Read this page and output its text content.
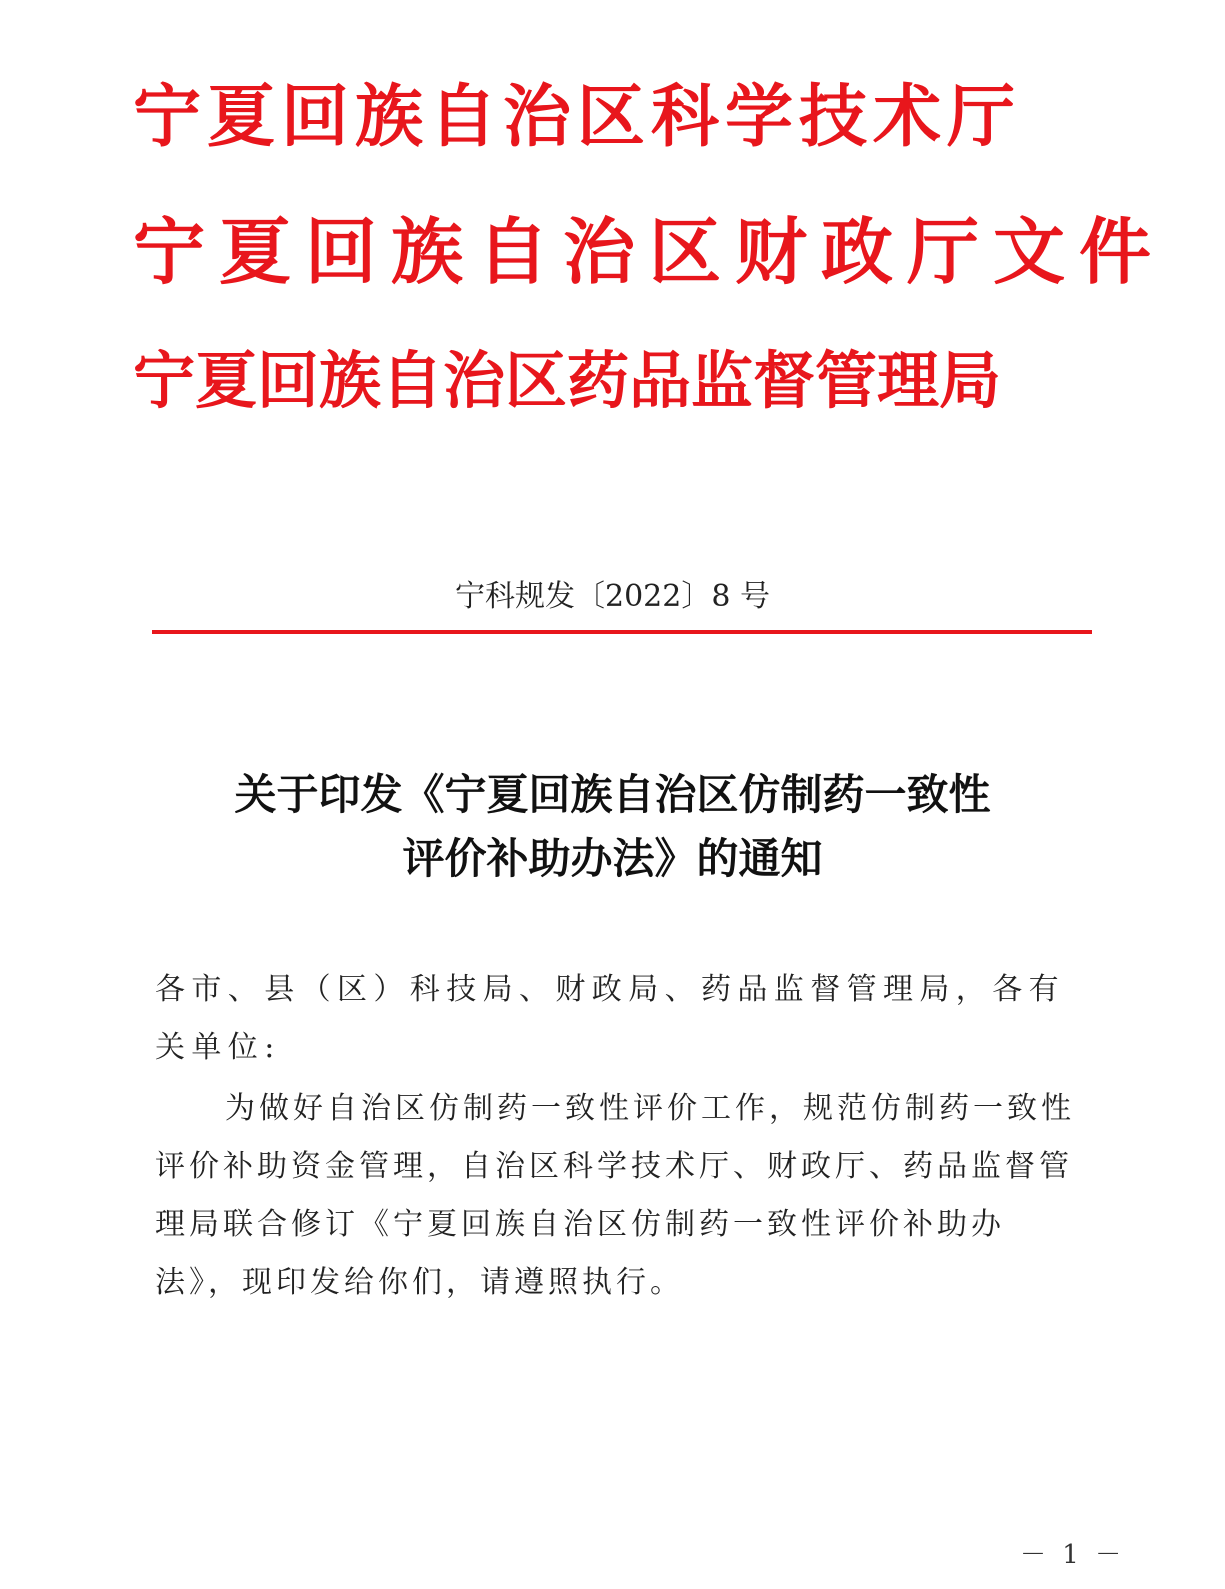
宁夏回族自治区科学技术厅
宁夏回族自治区财政厅文件
宁夏回族自治区药品监督管理局
宁科规发〔2022〕8 号
关于印发《宁夏回族自治区仿制药一致性
评价补助办法》的通知

各市、县（区）科技局、财政局、药品监督管理局，各有关单位:

为做好自治区仿制药一致性评价工作，规范仿制药一致性评价补助资金管理，自治区科学技术厅、财政厅、药品监督管理局联合修订《宁夏回族自治区仿制药一致性评价补助办法》，现印发给你们，请遵照执行。

－ 1 －
